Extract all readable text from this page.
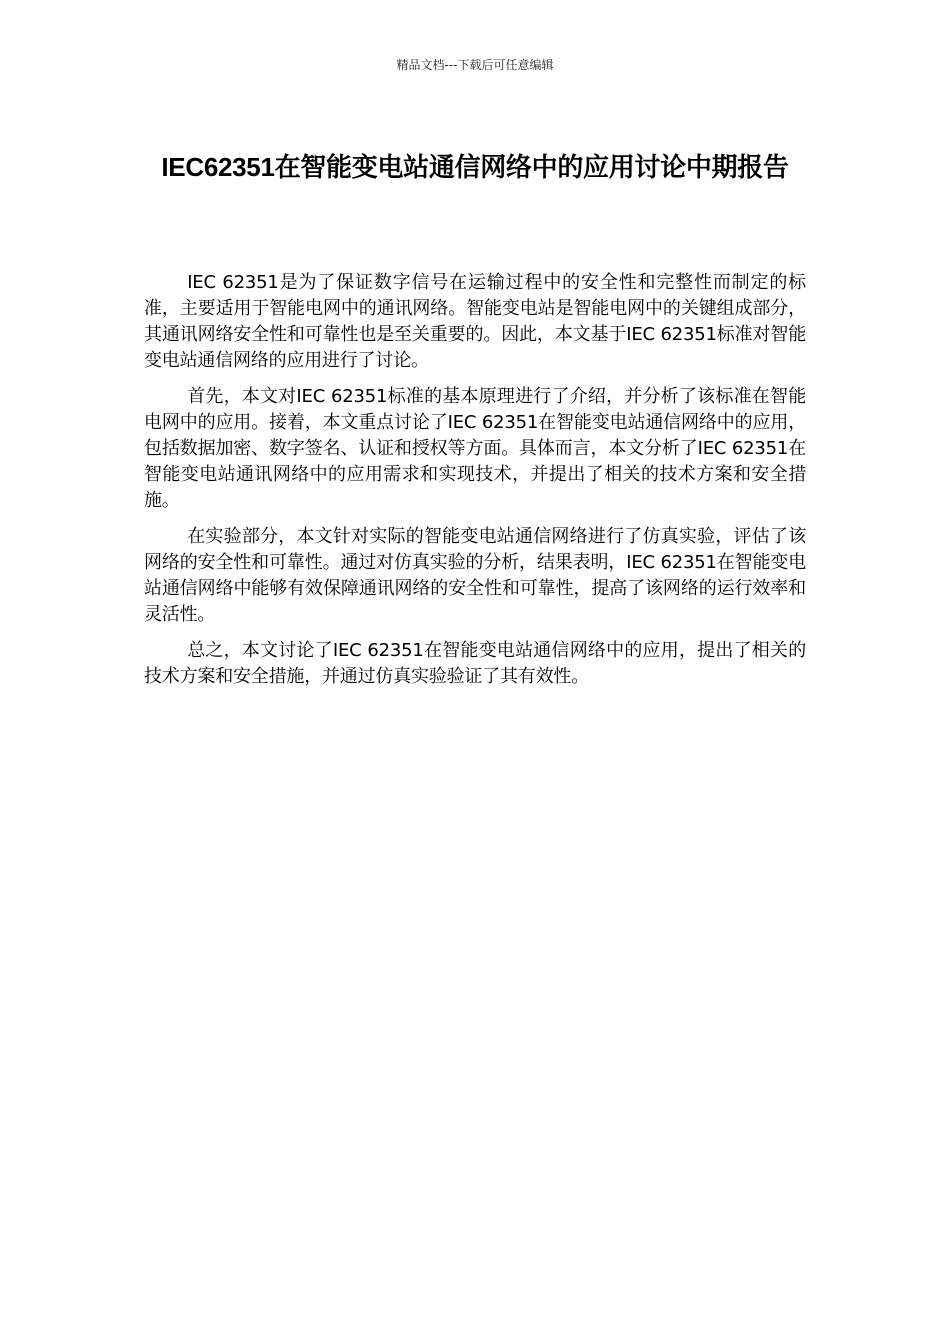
精品文档---下载后可任意编辑
IEC62351在智能变电站通信网络中的应用讨论中期报告

IEC 62351是为了保证数字信号在运输过程中的安全性和完整性而制定的标准，主要适用于智能电网中的通讯网络。智能变电站是智能电网中的关键组成部分，其通讯网络安全性和可靠性也是至关重要的。因此，本文基于IEC 62351标准对智能变电站通信网络的应用进行了讨论。

首先，本文对IEC 62351标准的基本原理进行了介绍，并分析了该标准在智能电网中的应用。接着，本文重点讨论了IEC 62351在智能变电站通信网络中的应用，包括数据加密、数字签名、认证和授权等方面。具体而言，本文分析了IEC 62351在智能变电站通讯网络中的应用需求和实现技术，并提出了相关的技术方案和安全措施。

在实验部分，本文针对实际的智能变电站通信网络进行了仿真实验，评估了该网络的安全性和可靠性。通过对仿真实验的分析，结果表明，IEC 62351在智能变电站通信网络中能够有效保障通讯网络的安全性和可靠性，提高了该网络的运行效率和灵活性。

总之，本文讨论了IEC 62351在智能变电站通信网络中的应用，提出了相关的技术方案和安全措施，并通过仿真实验验证了其有效性。
